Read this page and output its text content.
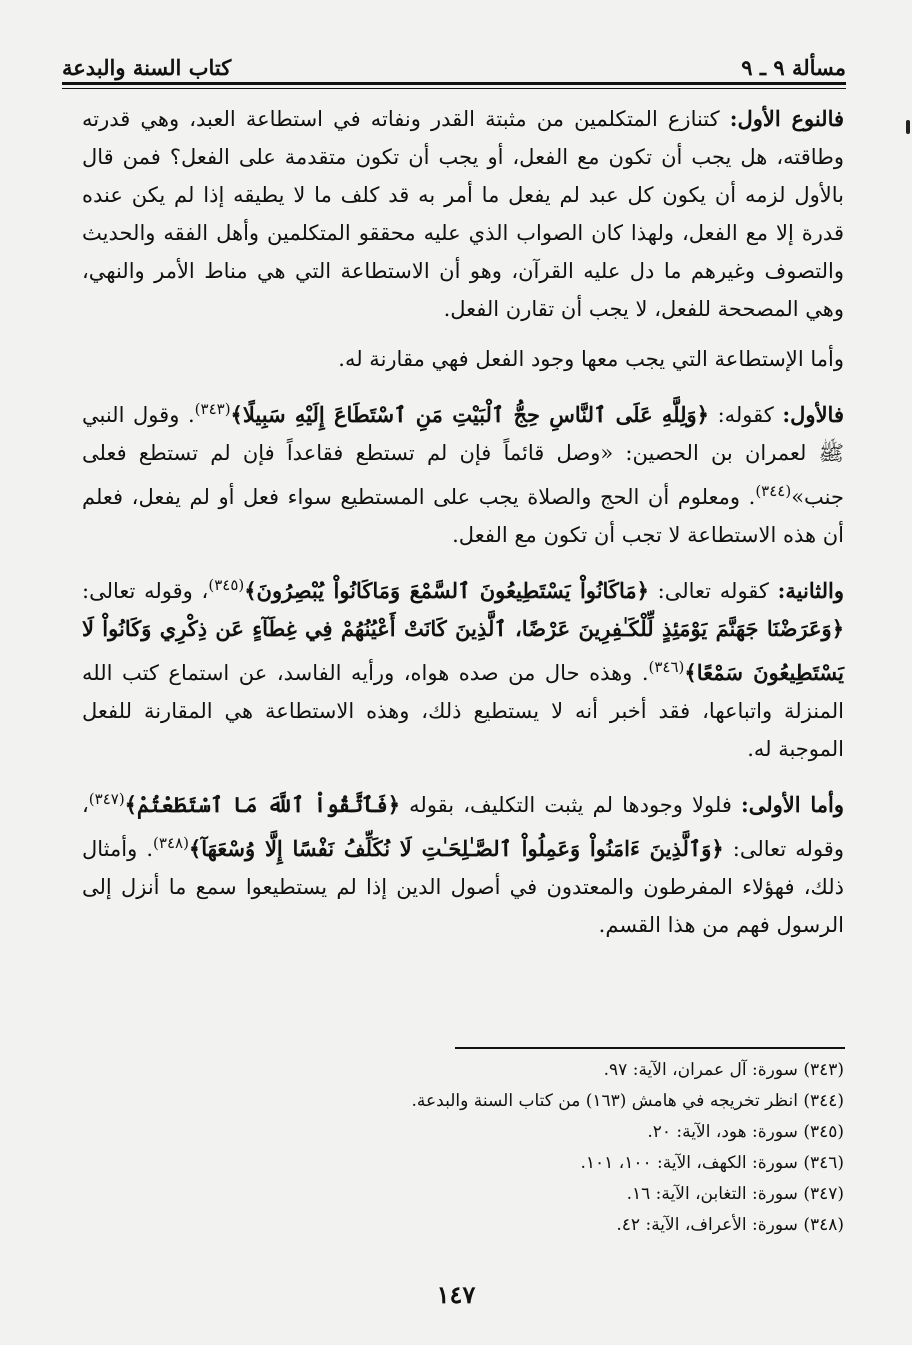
مسألة ٩ ـ ٩
كتاب السنة والبدعة

فالنوع الأول: كتنازع المتكلمين من مثبتة القدر ونفاته في استطاعة العبد، وهي قدرته وطاقته، هل يجب أن تكون مع الفعل، أو يجب أن تكون متقدمة على الفعل؟ فمن قال بالأول لزمه أن يكون كل عبد لم يفعل ما أمر به قد كلف ما لا يطيقه إذا لم يكن عنده قدرة إلا مع الفعل، ولهذا كان الصواب الذي عليه محققو المتكلمين وأهل الفقه والحديث والتصوف وغيرهم ما دل عليه القرآن، وهو أن الاستطاعة التي هي مناط الأمر والنهي، وهي المصححة للفعل، لا يجب أن تقارن الفعل.

وأما الإستطاعة التي يجب معها وجود الفعل فهي مقارنة له.

فالأول: كقوله: ﴿وَلِلَّهِ عَلَى ٱلنَّاسِ حِجُّ ٱلْبَيْتِ مَنِ ٱسْتَطَاعَ إِلَيْهِ سَبِيلًا﴾$^{(٣٤٣)}$. وقول النبي ﷺ لعمران بن الحصين: «وصل قائماً فإن لم تستطع فقاعداً فإن لم تستطع فعلى جنب»$^{(٣٤٤)}$. ومعلوم أن الحج والصلاة يجب على المستطيع سواء فعل أو لم يفعل، فعلم أن هذه الاستطاعة لا تجب أن تكون مع الفعل.

والثانية: كقوله تعالى: ﴿مَاكَانُواْ يَسْتَطِيعُونَ ٱلسَّمْعَ وَمَاكَانُواْ يُبْصِرُونَ﴾$^{(٣٤٥)}$، وقوله تعالى: ﴿وَعَرَضْنَا جَهَنَّمَ يَوْمَئِذٍ لِّلْكَـٰفِرِينَ عَرْضًا، ٱلَّذِينَ كَانَتْ أَعْيُنُهُمْ فِي غِطَآءٍ عَن ذِكْرِي وَكَانُواْ لَا يَسْتَطِيعُونَ سَمْعًا﴾$^{(٣٤٦)}$. وهذه حال من صده هواه، ورأيه الفاسد، عن استماع كتب الله المنزلة واتباعها، فقد أخبر أنه لا يستطيع ذلك، وهذه الاستطاعة هي المقارنة للفعل الموجبة له.

وأما الأولى: فلولا وجودها لم يثبت التكليف، بقوله ﴿فَٱتَّقُواْ ٱللَّهَ مَا ٱسْتَطَعْتُمْ﴾$^{(٣٤٧)}$، وقوله تعالى: ﴿وَٱلَّذِينَ ءَامَنُواْ وَعَمِلُواْ ٱلصَّـٰلِحَـٰتِ لَا نُكَلِّفُ نَفْسًا إِلَّا وُسْعَهَآ﴾$^{(٣٤٨)}$. وأمثال ذلك، فهؤلاء المفرطون والمعتدون في أصول الدين إذا لم يستطيعوا سمع ما أنزل إلى الرسول فهم من هذا القسم.

(٣٤٣) سورة: آل عمران، الآية: ٩٧.

(٣٤٤) انظر تخريجه في هامش (١٦٣) من كتاب السنة والبدعة.

(٣٤٥) سورة: هود، الآية: ٢٠.

(٣٤٦) سورة: الكهف، الآية: ١٠٠، ١٠١.

(٣٤٧) سورة: التغابن، الآية: ١٦.

(٣٤٨) سورة: الأعراف، الآية: ٤٢.

١٤٧
